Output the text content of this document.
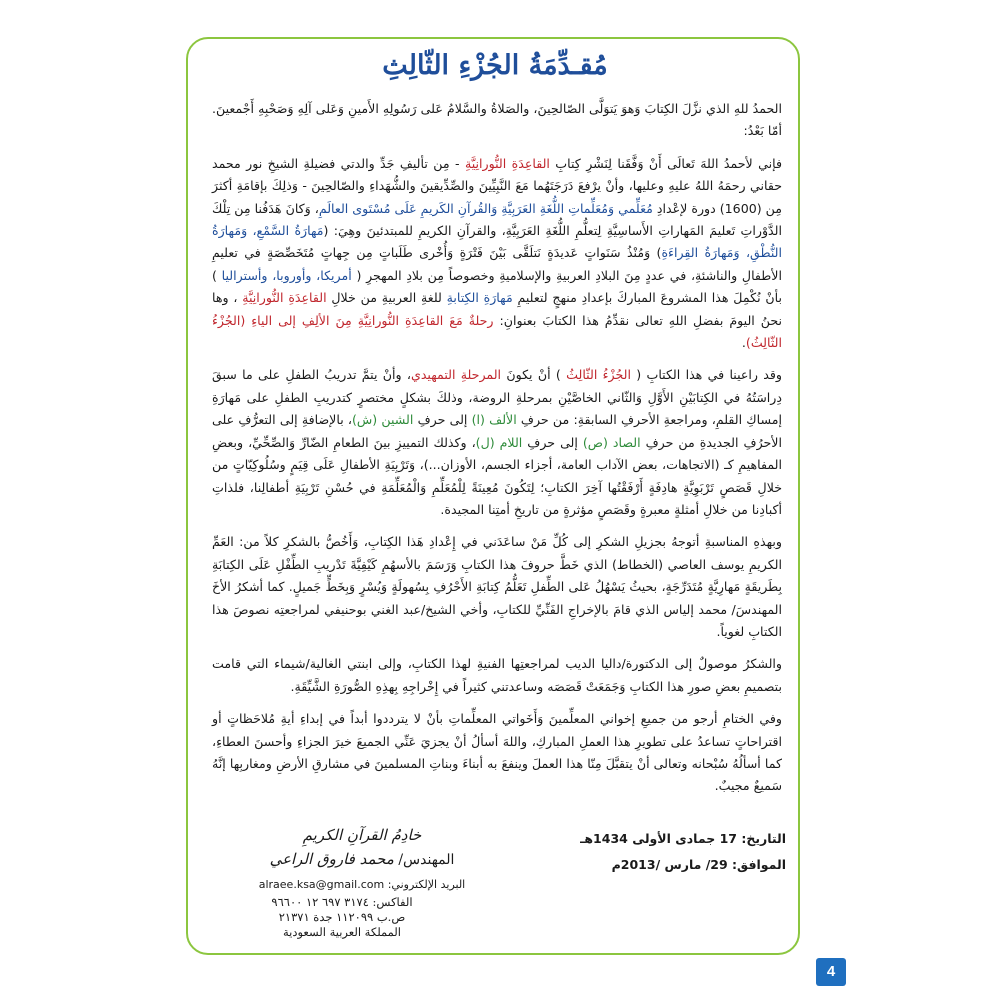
مُقـدِّمَةُ الجُزْءِ الثّالِثِ

الحمدُ للهِ الذي نزَّلَ الكِتابَ وَهوَ يَتوَلَّى الصّالحِينَ، والصَلاةُ والسَّلامُ عَلى رَسُولِهِ الأَمينِ وَعَلى آلِهِ وَصَحْبِهِ أَجْمعينَ. أمّا بَعْدُ:

فإني لأحمدُ اللهَ تَعالَى أَنْ وَفَّقَنا لِنَشْرِ كِتابِ القاعِدَةِ النُّورانِيَّةِ - مِن تأليفِ جَدِّ والدتي فضيلةِ الشيخِ نور محمد حقاني رحمَهُ اللهُ عليهِ وعليها، وأنْ يرْفعَ دَرَجَتَهُما مَعَ النَّبِيِّينَ والصِّدِّيقينَ والشُّهَداءِ والصّالحِينَ - وَذلِكَ بإقامَةِ أكثرَ مِن (1600) دورة لإعْدادِ مُعَلِّمي وَمُعَلِّماتِ اللُّغَةِ العَرَبِيَّةِ وَالقُرآنِ الكَريمِ عَلَى مُسْتَوى العالَمِ، وَكانَ هَدَفُنا مِن تِلْكَ الدَّوْراتِ تَعليمَ المَهاراتِ الأَساسِيَّةِ لِتعلُّمِ اللُّغَةِ العَرَبِيَّةِ، والقرآنِ الكريمِ للمبتدئينَ وهِيَ: (مَهارَةُ السَّمْعِ، وَمَهارَةُ النُّطْقِ، وَمَهارَةُ القِراءَةِ) وَمُنْذُ سَنَواتٍ عَديدَةٍ نَتلَقَّى بَيْنَ فَتْرَةٍ وَأُخْرى طَلَباتٍ مِن جِهاتٍ مُتَخَصِّصَةٍ في تعليمِ الأطفالِ والناشئةِ، في عددٍ مِنَ البلادِ العربيةِ والإسلاميةِ وخصوصاً مِن بلادِ المهجرِ ( أمريكا، وأوروبا، وأستراليا ) بأنْ نُكْمِلَ هذا المشروعَ المباركَ بإعدادِ منهجٍ لتعليمِ مَهارَةِ الكِتابةِ للغةِ العربيةِ من خلالِ القاعِدَةِ النُّورانِيَّةِ ، وها نحنُ اليومَ بفضلِ اللهِ تعالى نقدِّمُ هذا الكتابَ بعنوانِ: رحلةٌ مَعَ القاعِدَةِ النُّورانِيَّةِ مِنَ الألِفِ إلى الياءِ (الجُزْءُ الثّالِثُ).

وقد راعينا في هذا الكتابِ ( الجُزْءُ الثّالِثُ ) أنْ يكونَ المرحلةِ التمهيدي، وأنْ يتمَّ تدريبُ الطفلِ على ما سبقَ دِراسَتُهُ في الكِتابَيْنِ الأَوَّلِ وَالثّاني الخاصَّيْنِ بمرحلةِ الروضة، وذلكَ بشكلٍ مختصرٍ كتدريبِ الطفلِ على مَهارَةِ إمساكِ القلمِ، ومراجعةِ الأحرفِ السابقةِ: من حرفِ الألف (ا) إلى حرفِ الشين (ش)، بالإضافةِ إلى التعرُّفِ على الأحرُفِ الجديدةِ من حرفِ الصاد (ص) إلى حرفِ اللام (ل)، وكذلك التمييزِ بينَ الطعامِ الضّارِّ وَالصِّحِّيِّ، وبعضِ المفاهيمِ كـ (الاتجاهات، بعض الآداب العامة، أجزاء الجسم، الأوزان...)، وَتَرْبِيَةِ الأطفالِ عَلَى قِيَمٍ وسُلُوكِيّاتٍ من خلالِ قَصَصٍ تَرْبَوِيَّةٍ هادِفَةٍ أَرْفَقْتُها آخِرَ الكتابِ؛ لِتَكُونَ مُعِينَةً لِلْمُعَلِّمِ وَالْمُعَلِّمَةِ في حُسْنِ تَرْبِيَةِ أطفالِنا، فلذاتِ أكبادِنا من خلالِ أمثلةٍ معبرةٍ وقَصَصٍ مؤثرةٍ من تاريخِ أمتِنا المجيدة.

وبهذهِ المناسبةِ أتوجهُ بجزيلِ الشكرِ إلى كُلِّ مَنْ ساعَدَني في إِعْدادِ هَذا الكِتابِ، وَأَخُصُّ بالشكرِ كلاً من: العَمِّ الكريمِ يوسف العاصي (الخطاط) الذي خَطَّ حروفَ هذا الكتابِ وَرَسَمَ بالأسهُمِ كَيْفِيَّةَ تَدْريبِ الطِّفْلِ عَلَى الكِتابَةِ بِطَريقَةٍ مَهارِيَّةٍ مُتَدَرِّجَةٍ، بحيثُ يَسْهُلُ عَلى الطِّفلِ تَعَلُّمُ كِتابَةِ الأَحْرُفِ بِسُهولَةٍ وَيُسْرٍ وَبِخَطٍّ جَميلٍ. كما أشكرُ الأخَ المهندسَ/ محمد إلياس الذي قامَ بالإخراجِ الفَنِّيِّ للكتابِ، وأخي الشيخ/عبد الغني بوحنيفي لمراجعتِه نصوصَ هذا الكتابِ لغوياً.

والشكرُ موصولٌ إلى الدكتورة/داليا الديب لمراجعتِها الفنيةِ لهذا الكتابِ، وإلى ابنتي الغالية/شيماء التي قامت بتصميمِ بعضِ صورِ هذا الكتابِ وَجَمَعَتْ قَصَصَه وساعدتني كثيراً في إِخْراجِهِ بِهذِهِ الصُّورَةِ الشَّيِّقَةِ.

وفي الختامِ أرجو من جميعِ إخواني المعلِّمينَ وَأَخَواتي المعلِّماتِ بأنْ لا يترددوا أبداً في إبداءِ أيةِ مُلاحَظاتٍ أو اقتراحاتٍ تساعدُ على تطويرِ هذا العملِ المباركِ، واللهَ أسألُ أنْ يجزيَ عَنِّي الجميعَ خيرَ الجزاءِ وأحسنَ العطاءِ، كما أسألُهُ سُبْحانه وتعالى أنْ يتقبَّلَ مِنّا هذا العملَ وينفعَ به أبناءَ وبناتِ المسلمينَ في مشارقِ الأرضِ ومغاربِها إنَّهُ سَميعٌ مجيبٌ.

التاريخ: 17 جمادى الأولى 1434هـ
الموافق: 29/ مارس /2013م
خادِمُ القرآنِ الكريمِ
المهندس/ محمد فاروق الراعي
البريد الإلكتروني: alraee.ksa@gmail.com
الفاكس: ٣١٧٤ ٦٩٧ ١٢ ٩٦٦٠٠
ص.ب ١١٢٠٩٩ جدة ٢١٣٧١
المملكة العربية السعودية
4
